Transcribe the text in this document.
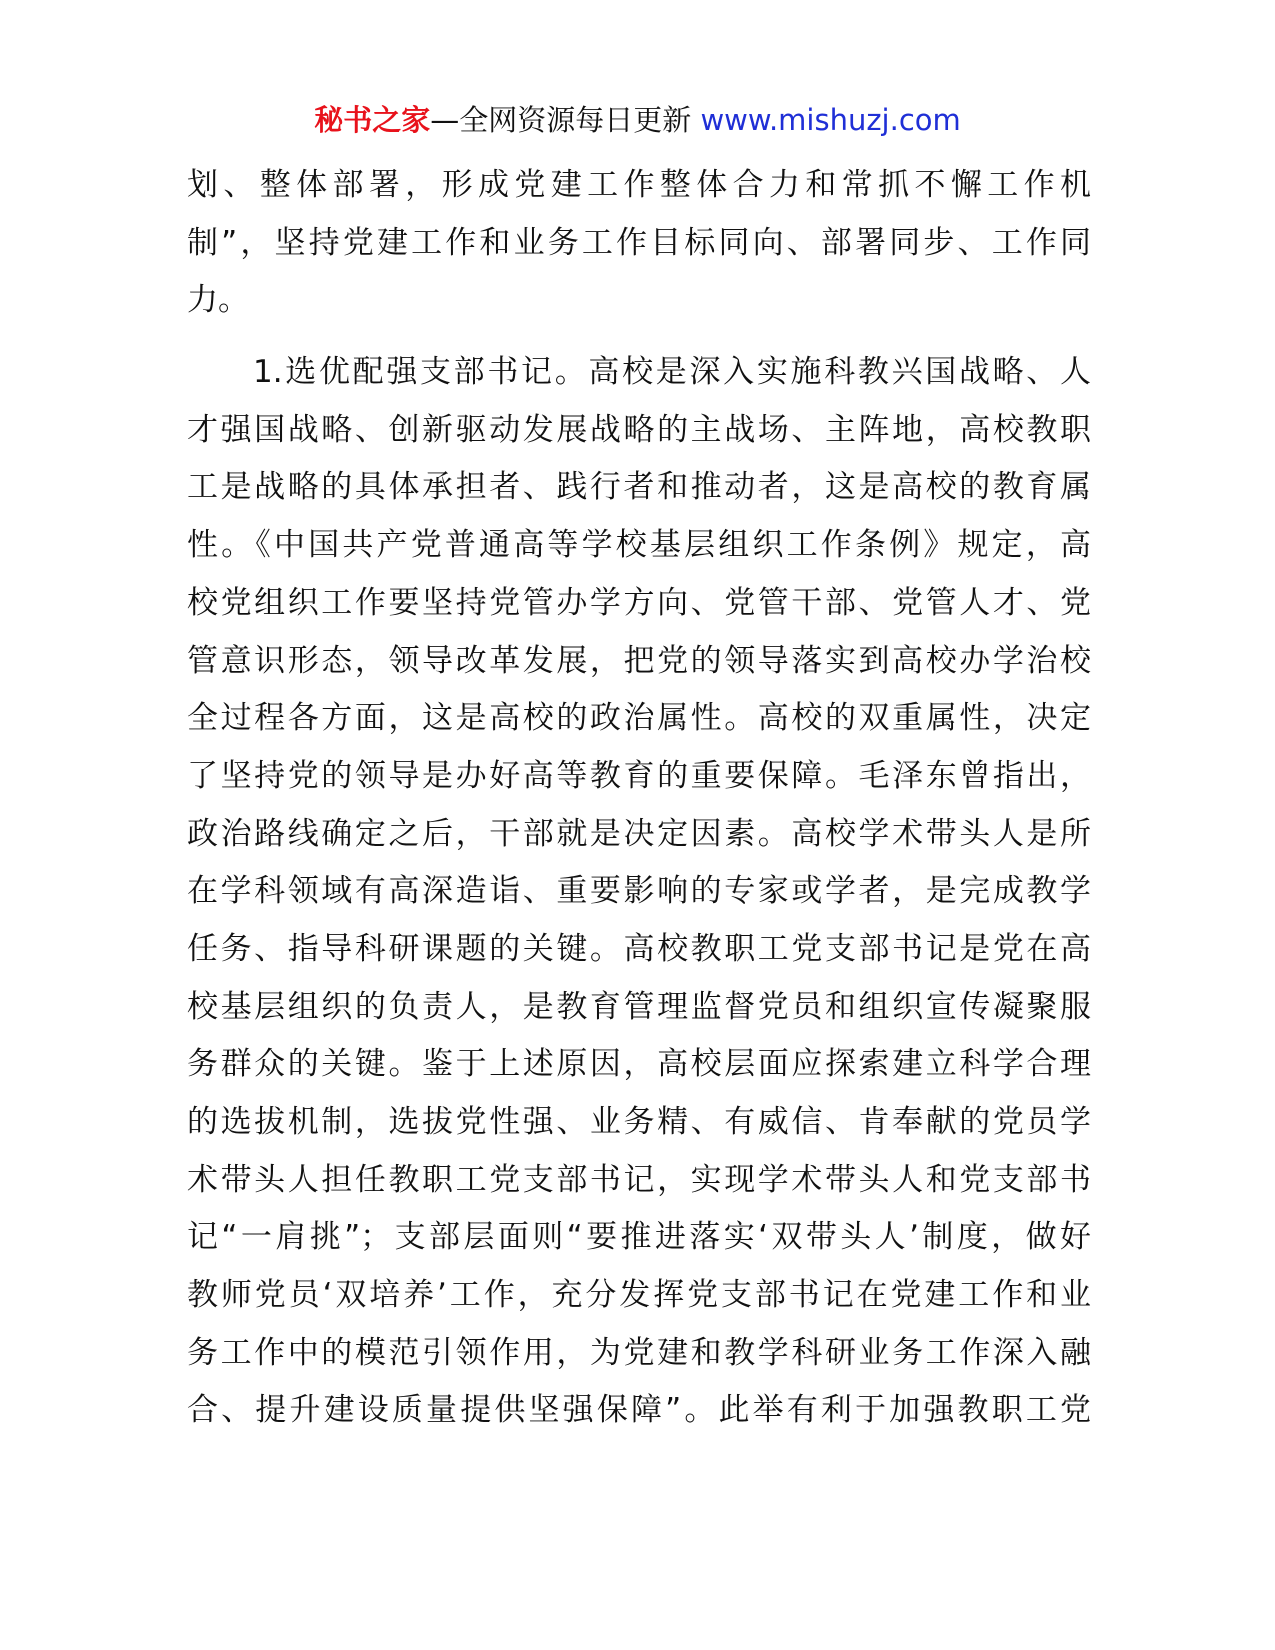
秘书之家—全网资源每日更新 www.mishuzj.com
划、整体部署，形成党建工作整体合力和常抓不懈工作机
制”，坚持党建工作和业务工作目标同向、部署同步、工作同
力。
1.选优配强支部书记。高校是深入实施科教兴国战略、人
才强国战略、创新驱动发展战略的主战场、主阵地，高校教职
工是战略的具体承担者、践行者和推动者，这是高校的教育属
性。《中国共产党普通高等学校基层组织工作条例》规定，高
校党组织工作要坚持党管办学方向、党管干部、党管人才、党
管意识形态，领导改革发展，把党的领导落实到高校办学治校
全过程各方面，这是高校的政治属性。高校的双重属性，决定
了坚持党的领导是办好高等教育的重要保障。毛泽东曾指出，
政治路线确定之后，干部就是决定因素。高校学术带头人是所
在学科领域有高深造诣、重要影响的专家或学者，是完成教学
任务、指导科研课题的关键。高校教职工党支部书记是党在高
校基层组织的负责人，是教育管理监督党员和组织宣传凝聚服
务群众的关键。鉴于上述原因，高校层面应探索建立科学合理
的选拔机制，选拔党性强、业务精、有威信、肯奉献的党员学
术带头人担任教职工党支部书记，实现学术带头人和党支部书
记“一肩挑”；支部层面则“要推进落实‘双带头人’制度，做好
教师党员‘双培养’工作，充分发挥党支部书记在党建工作和业
务工作中的模范引领作用，为党建和教学科研业务工作深入融
合、提升建设质量提供坚强保障”。此举有利于加强教职工党
